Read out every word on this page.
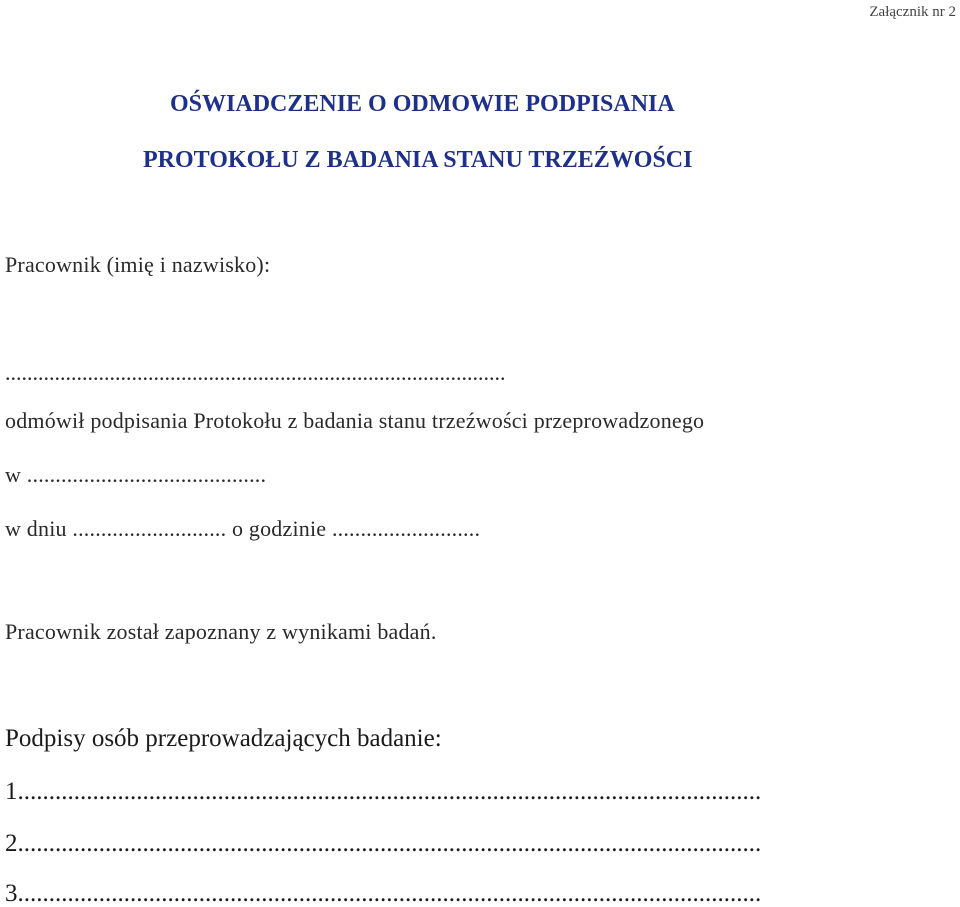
Załącznik nr 2
OŚWIADCZENIE O ODMOWIE PODPISANIA
PROTOKOŁU Z BADANIA STANU TRZEŹWOŚCI
Pracownik (imię i nazwisko):
...........................................................................................
odmówił podpisania Protokołu z badania stanu trzeźwości przeprowadzonego
w ..........................................
w dniu ........................... o godzinie ..........................
Pracownik został zapoznany z wynikami badań.
Podpisy osób przeprowadzających badanie:
1.......................................................................................................................
2.......................................................................................................................
3.......................................................................................................................
